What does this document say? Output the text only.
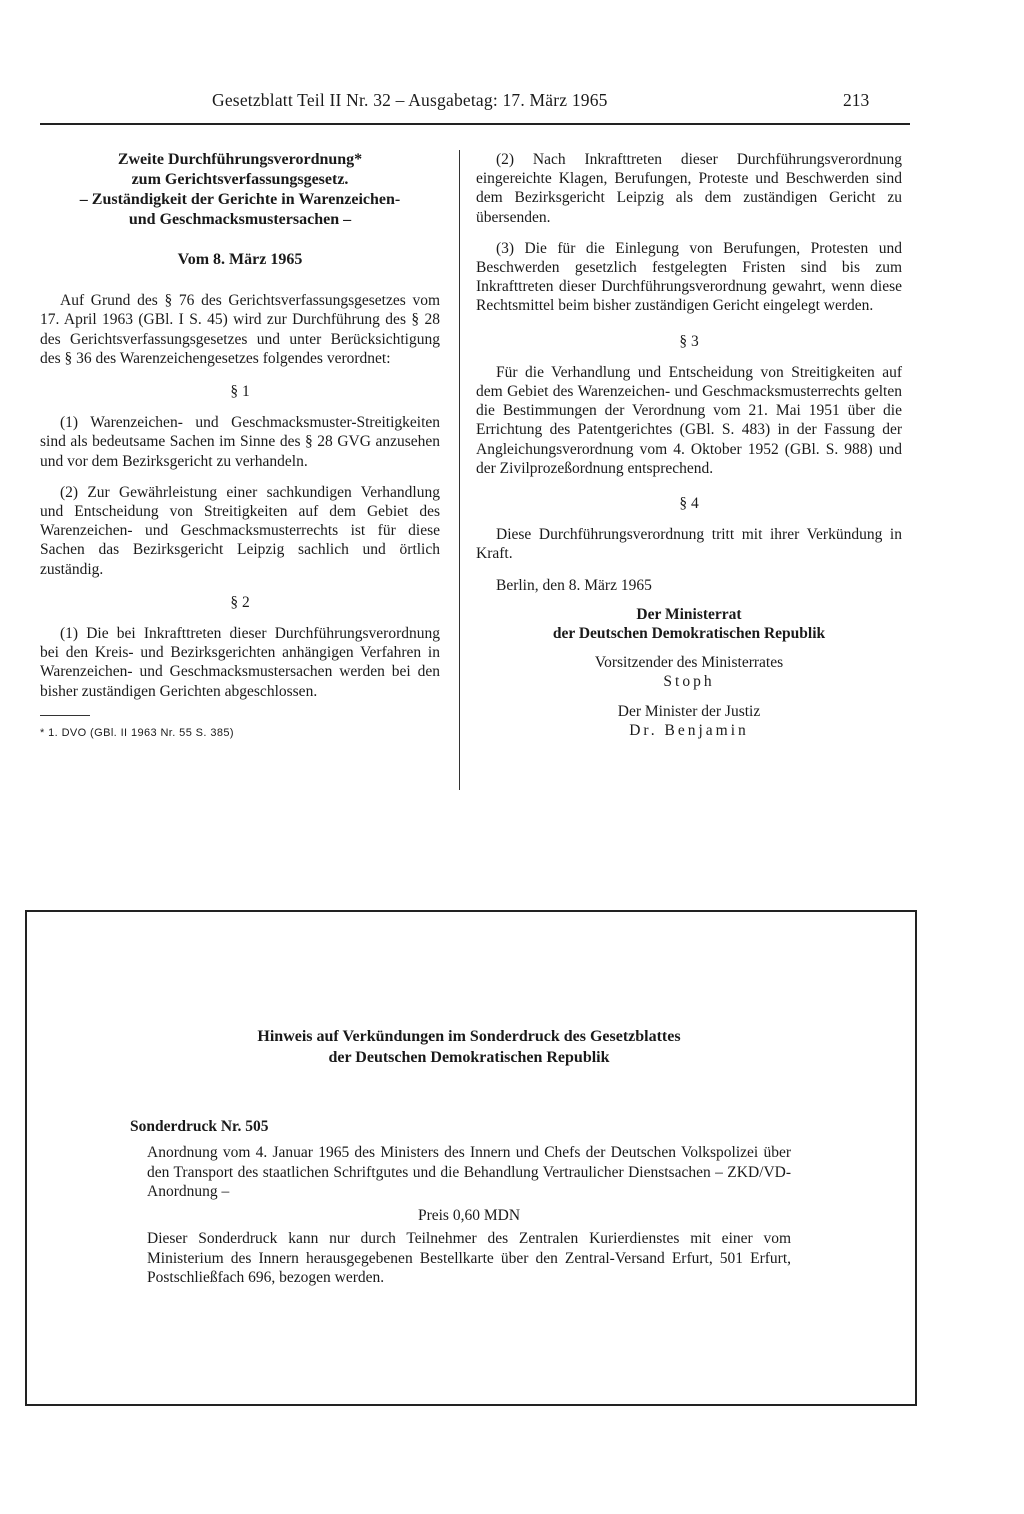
Gesetzblatt Teil II Nr. 32 – Ausgabetag: 17. März 1965	213
Zweite Durchführungsverordnung*
zum Gerichtsverfassungsgesetz.
– Zuständigkeit der Gerichte in Warenzeichen-
und Geschmacksmustersachen –
Vom 8. März 1965

Auf Grund des § 76 des Gerichtsverfassungsgesetzes vom 17. April 1963 (GBl. I S. 45) wird zur Durchführung des § 28 des Gerichtsverfassungsgesetzes und unter Berücksichtigung des § 36 des Warenzeichengesetzes folgendes verordnet:

§ 1

(1) Warenzeichen- und Geschmacksmuster-Streitigkeiten sind als bedeutsame Sachen im Sinne des § 28 GVG anzusehen und vor dem Bezirksgericht zu verhandeln.

(2) Zur Gewährleistung einer sachkundigen Verhandlung und Entscheidung von Streitigkeiten auf dem Gebiet des Warenzeichen- und Geschmacksmusterrechts ist für diese Sachen das Bezirksgericht Leipzig sachlich und örtlich zuständig.

§ 2

(1) Die bei Inkrafttreten dieser Durchführungsverordnung bei den Kreis- und Bezirksgerichten anhängigen Verfahren in Warenzeichen- und Geschmacksmustersachen werden bei den bisher zuständigen Gerichten abgeschlossen.

* 1. DVO (GBl. II 1963 Nr. 55 S. 385)

(2) Nach Inkrafttreten dieser Durchführungsverordnung eingereichte Klagen, Berufungen, Proteste und Beschwerden sind dem Bezirksgericht Leipzig als dem zuständigen Gericht zu übersenden.

(3) Die für die Einlegung von Berufungen, Protesten und Beschwerden gesetzlich festgelegten Fristen sind bis zum Inkrafttreten dieser Durchführungsverordnung gewahrt, wenn diese Rechtsmittel beim bisher zuständigen Gericht eingelegt werden.

§ 3

Für die Verhandlung und Entscheidung von Streitigkeiten auf dem Gebiet des Warenzeichen- und Geschmacksmusterrechts gelten die Bestimmungen der Verordnung vom 21. Mai 1951 über die Errichtung des Patentgerichtes (GBl. S. 483) in der Fassung der Angleichungsverordnung vom 4. Oktober 1952 (GBl. S. 988) und der Zivilprozeßordnung entsprechend.

§ 4

Diese Durchführungsverordnung tritt mit ihrer Verkündung in Kraft.

Berlin, den 8. März 1965

Der Ministerrat
der Deutschen Demokratischen Republik
Vorsitzender des Ministerrates
Stoph
Der Minister der Justiz
Dr. Benjamin
Hinweis auf Verkündungen im Sonderdruck des Gesetzblattes
der Deutschen Demokratischen Republik
Sonderdruck Nr. 505

Anordnung vom 4. Januar 1965 des Ministers des Innern und Chefs der Deutschen Volkspolizei über den Transport des staatlichen Schriftgutes und die Behandlung Vertraulicher Dienstsachen – ZKD/VD-Anordnung –

Preis 0,60 MDN

Dieser Sonderdruck kann nur durch Teilnehmer des Zentralen Kurierdienstes mit einer vom Ministerium des Innern herausgegebenen Bestellkarte über den Zentral-Versand Erfurt, 501 Erfurt, Postschließfach 696, bezogen werden.
